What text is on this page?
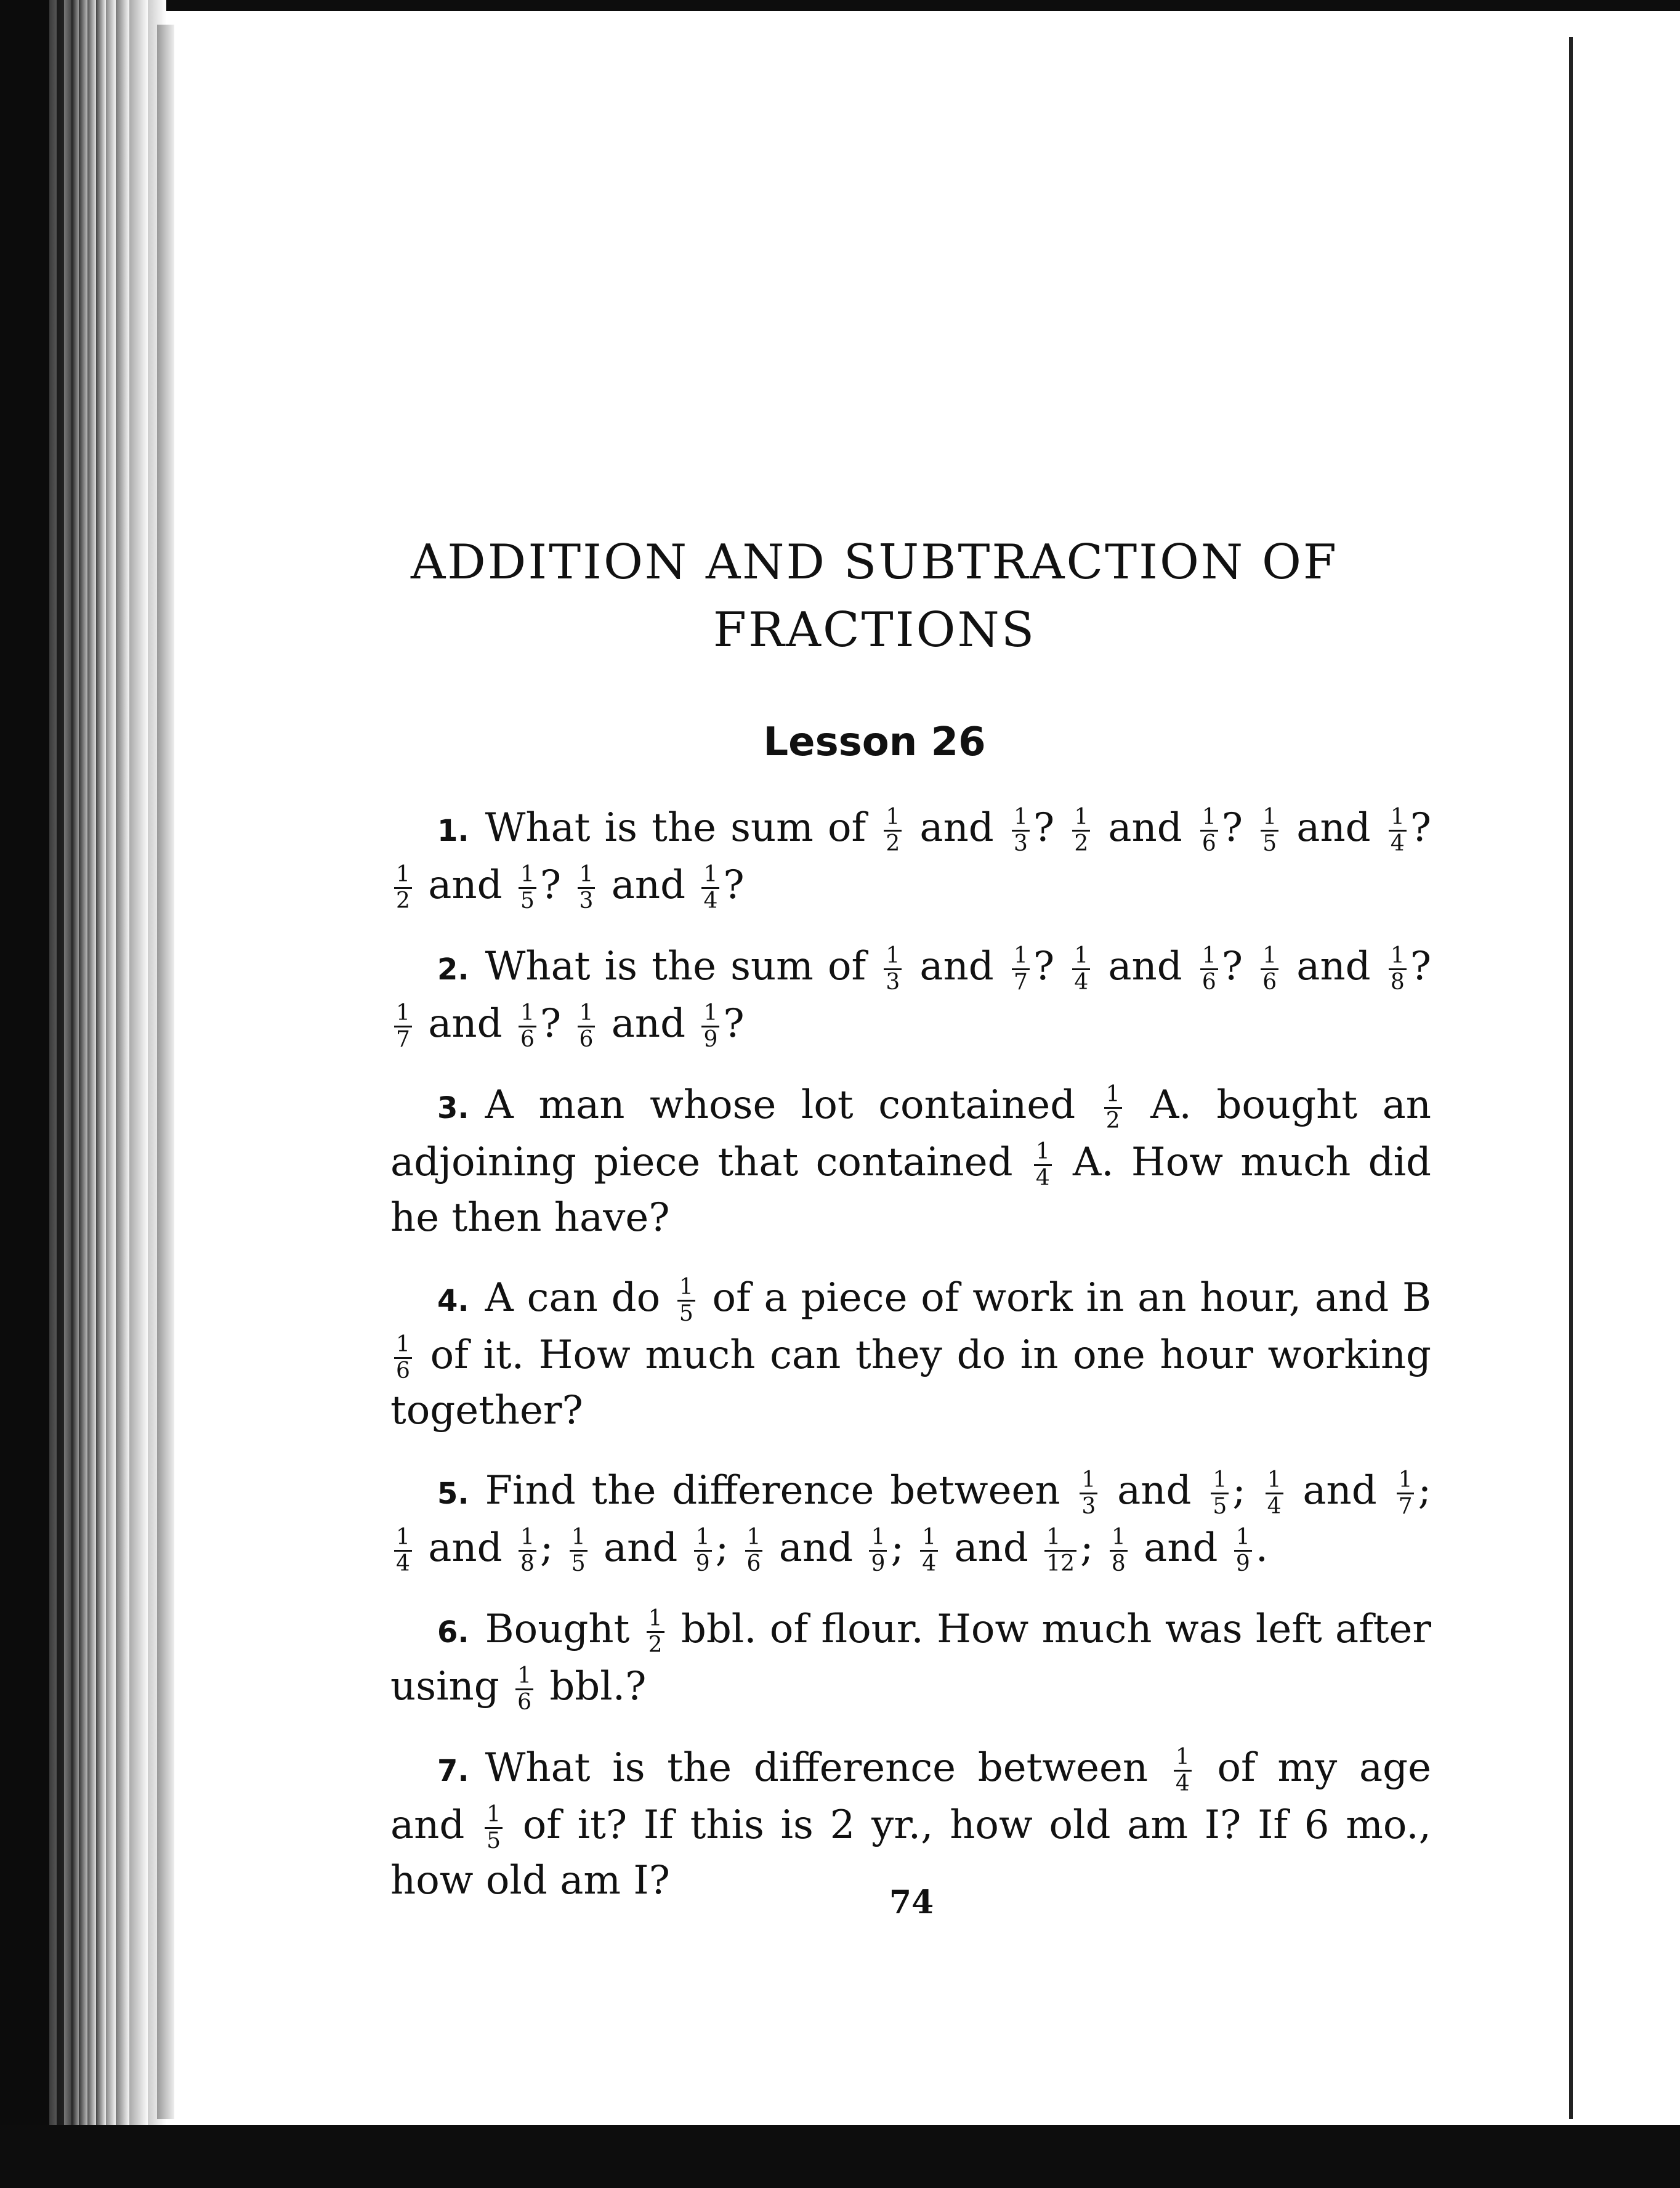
ADDITION AND SUBTRACTION OF
FRACTIONS
Lesson 26

1. What is the sum of $\frac{1}{2}$ and $\frac{1}{3}$ ? $\frac{1}{2}$ and $\frac{1}{6}$ ? $\frac{1}{5}$ and $\frac{1}{4}$ ?
$\frac{1}{2}$ and $\frac{1}{5}$ ? $\frac{1}{3}$ and $\frac{1}{4}$ ?

2. What is the sum of $\frac{1}{3}$ and $\frac{1}{7}$ ? $\frac{1}{4}$ and $\frac{1}{6}$ ? $\frac{1}{6}$ and $\frac{1}{8}$ ?
$\frac{1}{7}$ and $\frac{1}{6}$ ? $\frac{1}{6}$ and $\frac{1}{9}$ ?

3. A man whose lot contained $\frac{1}{2} A$. bought an adjoining piece that contained $\frac{1}{4} A$. How much did he then have?

4. A can do $\frac{1}{5}$ of a piece of work in an hour, and B
$\frac{1}{6}$ of it. How much can they do in one hour working together?

5. Find the difference between $\frac{1}{3}$ and $\frac{1}{5}$ ; $\frac{1}{4}$ and $\frac{1}{7}$ ;
$\frac{1}{4}$ and $\frac{1}{8}$ ; $\frac{1}{5}$ and $\frac{1}{9}$ ; $\frac{1}{6}$ and $\frac{1}{9}$ ; $\frac{1}{4}$ and $\frac{1}{12}$ ; $\frac{1}{8}$ and $\frac{1}{9}$ .

6. Bought $\frac{1}{2}$ bbl. of flour. How much was left after using $\frac{1}{6}$ bbl.?

7. What is the difference between $\frac{1}{4}$ of my age and $\frac{1}{5}$ of it? If this is 2 yr., how old am I? If 6 mo., how old am I?	74
